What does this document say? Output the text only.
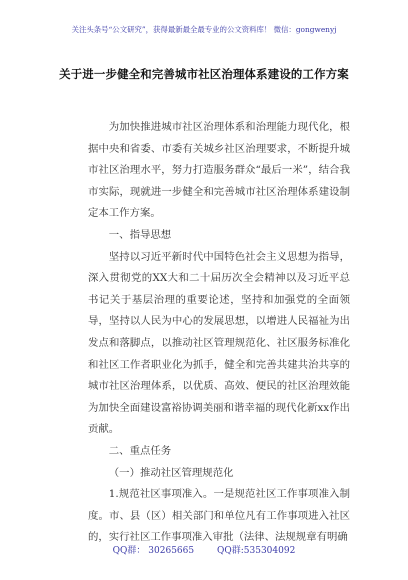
关注头条号“公文研究”，获得最新最全最专业的公文资料库！ 微信：gongwenyj
关于进一步健全和完善城市社区治理体系建设的工作方案

为加快推进城市社区治理体系和治理能力现代化，根据中央和省委、市委有关城乡社区治理要求，不断提升城市社区治理水平，努力打造服务群众“最后一米”，结合我市实际，现就进一步健全和完善城市社区治理体系建设制定本工作方案。

一、指导思想

坚持以习近平新时代中国特色社会主义思想为指导，深入贯彻党的XX大和二十届历次全会精神以及习近平总书记关于基层治理的重要论述，坚持和加强党的全面领导，坚持以人民为中心的发展思想，以增进人民福祉为出发点和落脚点，以推动社区管理规范化、社区服务标准化和社区工作者职业化为抓手，健全和完善共建共治共享的城市社区治理体系，以优质、高效、便民的社区治理效能为加快全面建设富裕协调美丽和谐幸福的现代化新xx作出贡献。

二、重点任务

（一）推动社区管理规范化

1.规范社区事项准入。一是规范社区工作事项准入制度。市、县（区）相关部门和单位凡有工作事项进入社区的，实行社区工作事项准入审批（法律、法规规章有明确

QQ群： 30265665	QQ群:535304092
